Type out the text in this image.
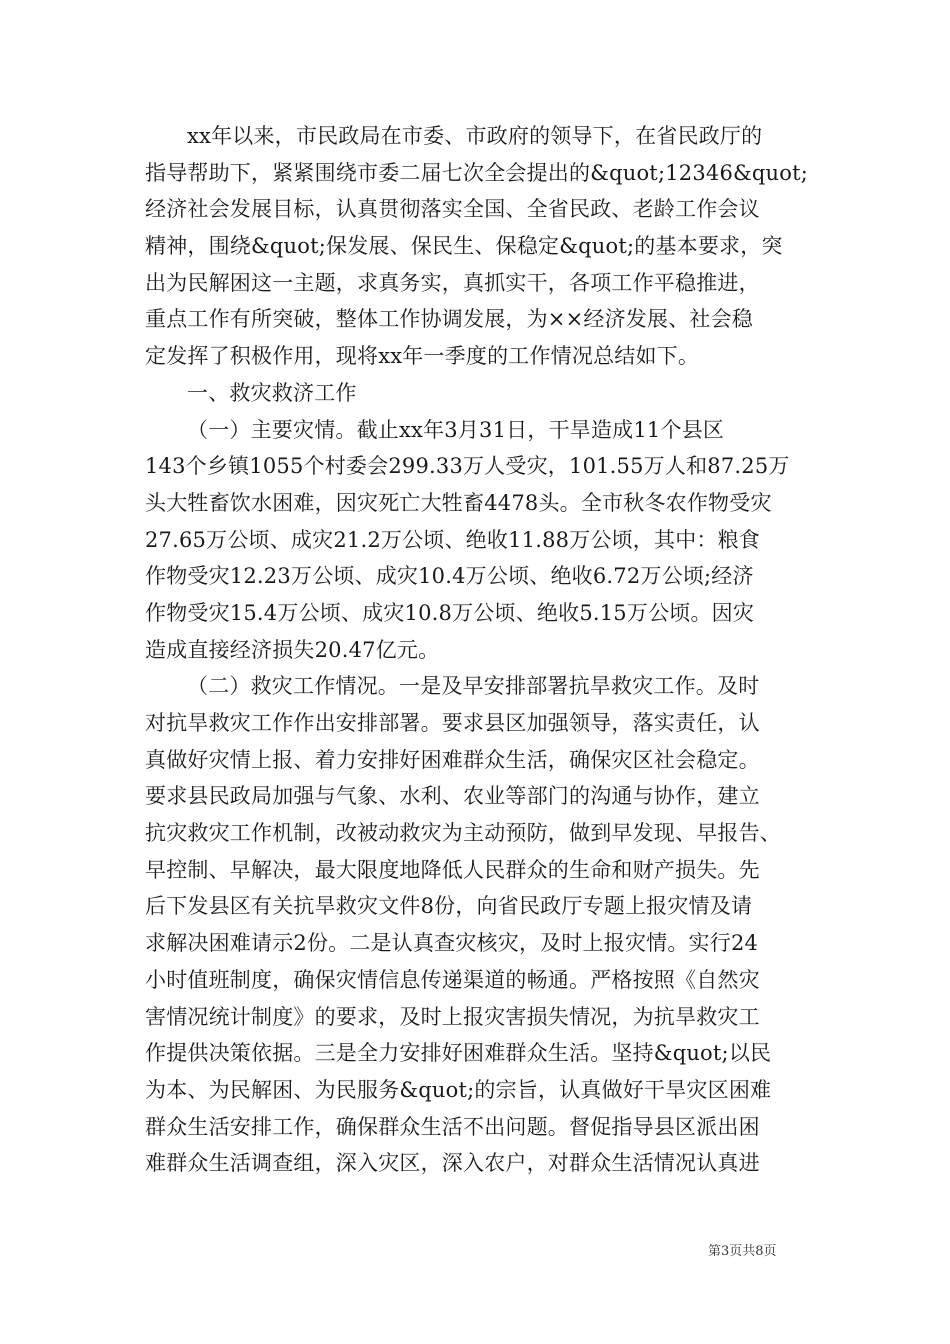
xx年以来，市民政局在市委、市政府的领导下，在省民政厅的
指导帮助下，紧紧围绕市委二届七次全会提出的&quot;12346&quot;
经济社会发展目标，认真贯彻落实全国、全省民政、老龄工作会议
精神，围绕&quot;保发展、保民生、保稳定&quot;的基本要求，突
出为民解困这一主题，求真务实，真抓实干，各项工作平稳推进，
重点工作有所突破，整体工作协调发展，为××经济发展、社会稳
定发挥了积极作用，现将xx年一季度的工作情况总结如下。
一、救灾救济工作
（一）主要灾情。截止xx年3月31日，干旱造成11个县区
143个乡镇1055个村委会299.33万人受灾，101.55万人和87.25万
头大牲畜饮水困难，因灾死亡大牲畜4478头。全市秋冬农作物受灾
27.65万公顷、成灾21.2万公顷、绝收11.88万公顷，其中：粮食
作物受灾12.23万公顷、成灾10.4万公顷、绝收6.72万公顷;经济
作物受灾15.4万公顷、成灾10.8万公顷、绝收5.15万公顷。因灾
造成直接经济损失20.47亿元。
（二）救灾工作情况。一是及早安排部署抗旱救灾工作。及时
对抗旱救灾工作作出安排部署。要求县区加强领导，落实责任，认
真做好灾情上报、着力安排好困难群众生活，确保灾区社会稳定。
要求县民政局加强与气象、水利、农业等部门的沟通与协作，建立
抗灾救灾工作机制，改被动救灾为主动预防，做到早发现、早报告、
早控制、早解决，最大限度地降低人民群众的生命和财产损失。先
后下发县区有关抗旱救灾文件8份，向省民政厅专题上报灾情及请
求解决困难请示2份。二是认真查灾核灾，及时上报灾情。实行24
小时值班制度，确保灾情信息传递渠道的畅通。严格按照《自然灾
害情况统计制度》的要求，及时上报灾害损失情况，为抗旱救灾工
作提供决策依据。三是全力安排好困难群众生活。坚持&quot;以民
为本、为民解困、为民服务&quot;的宗旨，认真做好干旱灾区困难
群众生活安排工作，确保群众生活不出问题。督促指导县区派出困
难群众生活调查组，深入灾区，深入农户，对群众生活情况认真进
第3页共8页
